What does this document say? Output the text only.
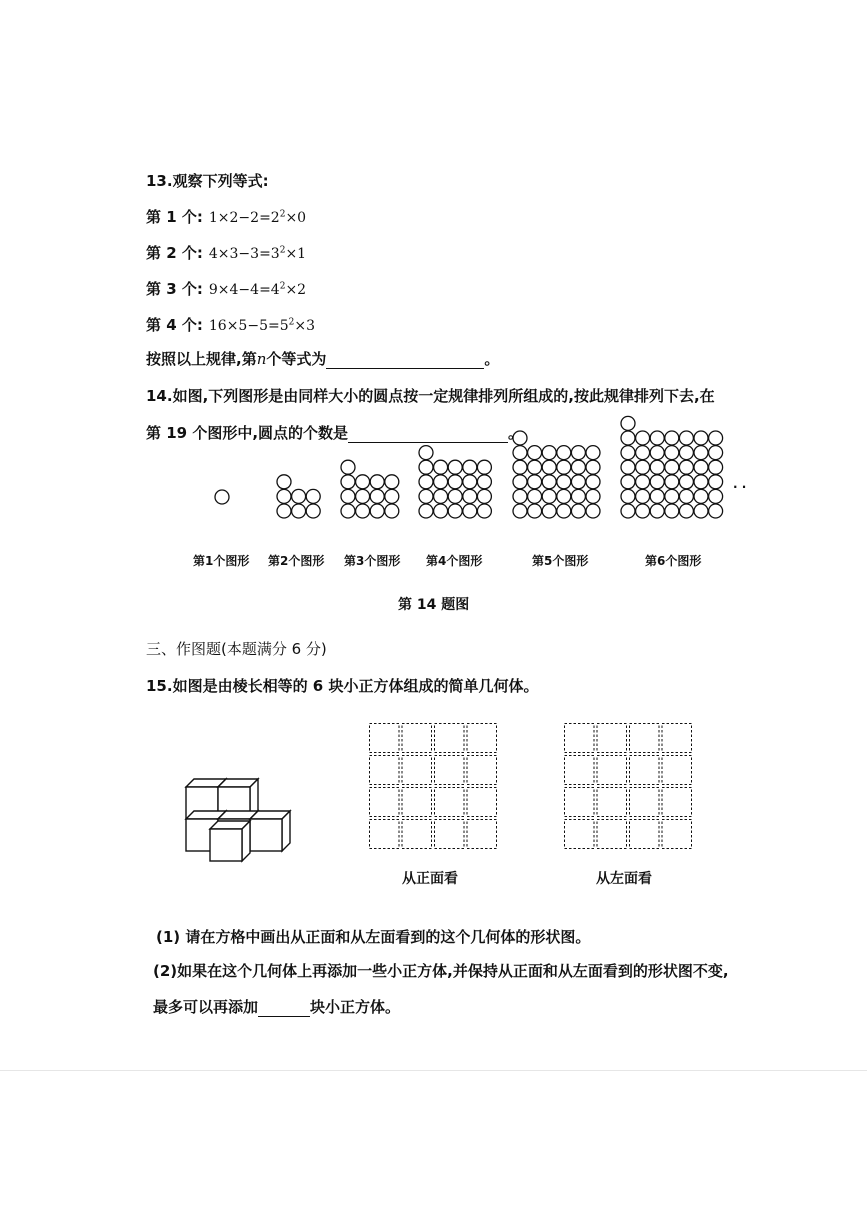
13.观察下列等式:
第 1 个: $1\times 2-2=2^2\times 0$
第 2 个: $4\times 3-3=3^2\times 1$
第 3 个: $9\times 4-4=4^2\times 2$
第 4 个: $16\times 5-5=5^2\times 3$
按照以上规律,第n个等式为	。
14.如图,下列图形是由同样大小的圆点按一定规律排列所组成的,按此规律排列下去,在
第 19 个图形中,圆点的个数是	。
· ·
第1个图形 第2个图形 第3个图形 第4个图形	第5个图形	第6个图形
第 14 题图
三、作图题(本题满分 6 分)
15.如图是由棱长相等的 6 块小正方体组成的简单几何体。
从正面看	从左面看
(1) 请在方格中画出从正面和从左面看到的这个几何体的形状图。
(2)如果在这个几何体上再添加一些小正方体,并保持从正面和从左面看到的形状图不变,
最多可以再添加	块小正方体。
